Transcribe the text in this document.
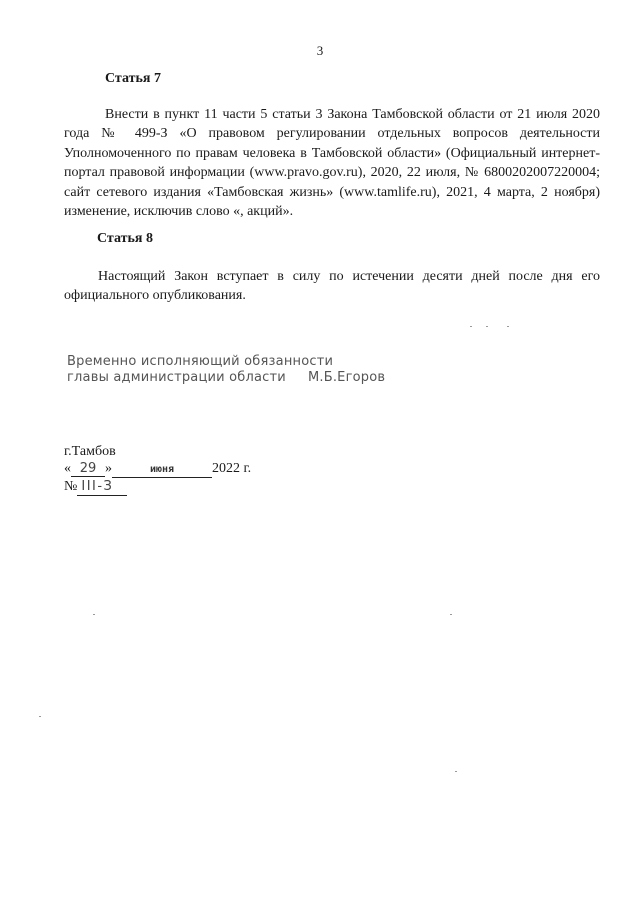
3
Статья 7

Внести в пункт 11 части 5 статьи 3 Закона Тамбовской области от 21 июля 2020 года № 499-З «О правовом регулировании отдельных вопросов деятельности Уполномоченного по правам человека в Тамбовской области» (Официальный интернет-портал правовой информации (www.pravo.gov.ru), 2020, 22 июля, № 6800202007220004; сайт сетевого издания «Тамбовская жизнь» (www.tamlife.ru), 2021, 4 марта, 2 ноября) изменение, исключив слово «, акций».

Статья 8

Настоящий Закон вступает в силу по истечении десяти дней после дня его официального опубликования.

Временно исполняющий обязанности
главы администрации области М.Б.Егоров
г.Тамбов
« 29 »	июня	2022 г.
№ III-З
